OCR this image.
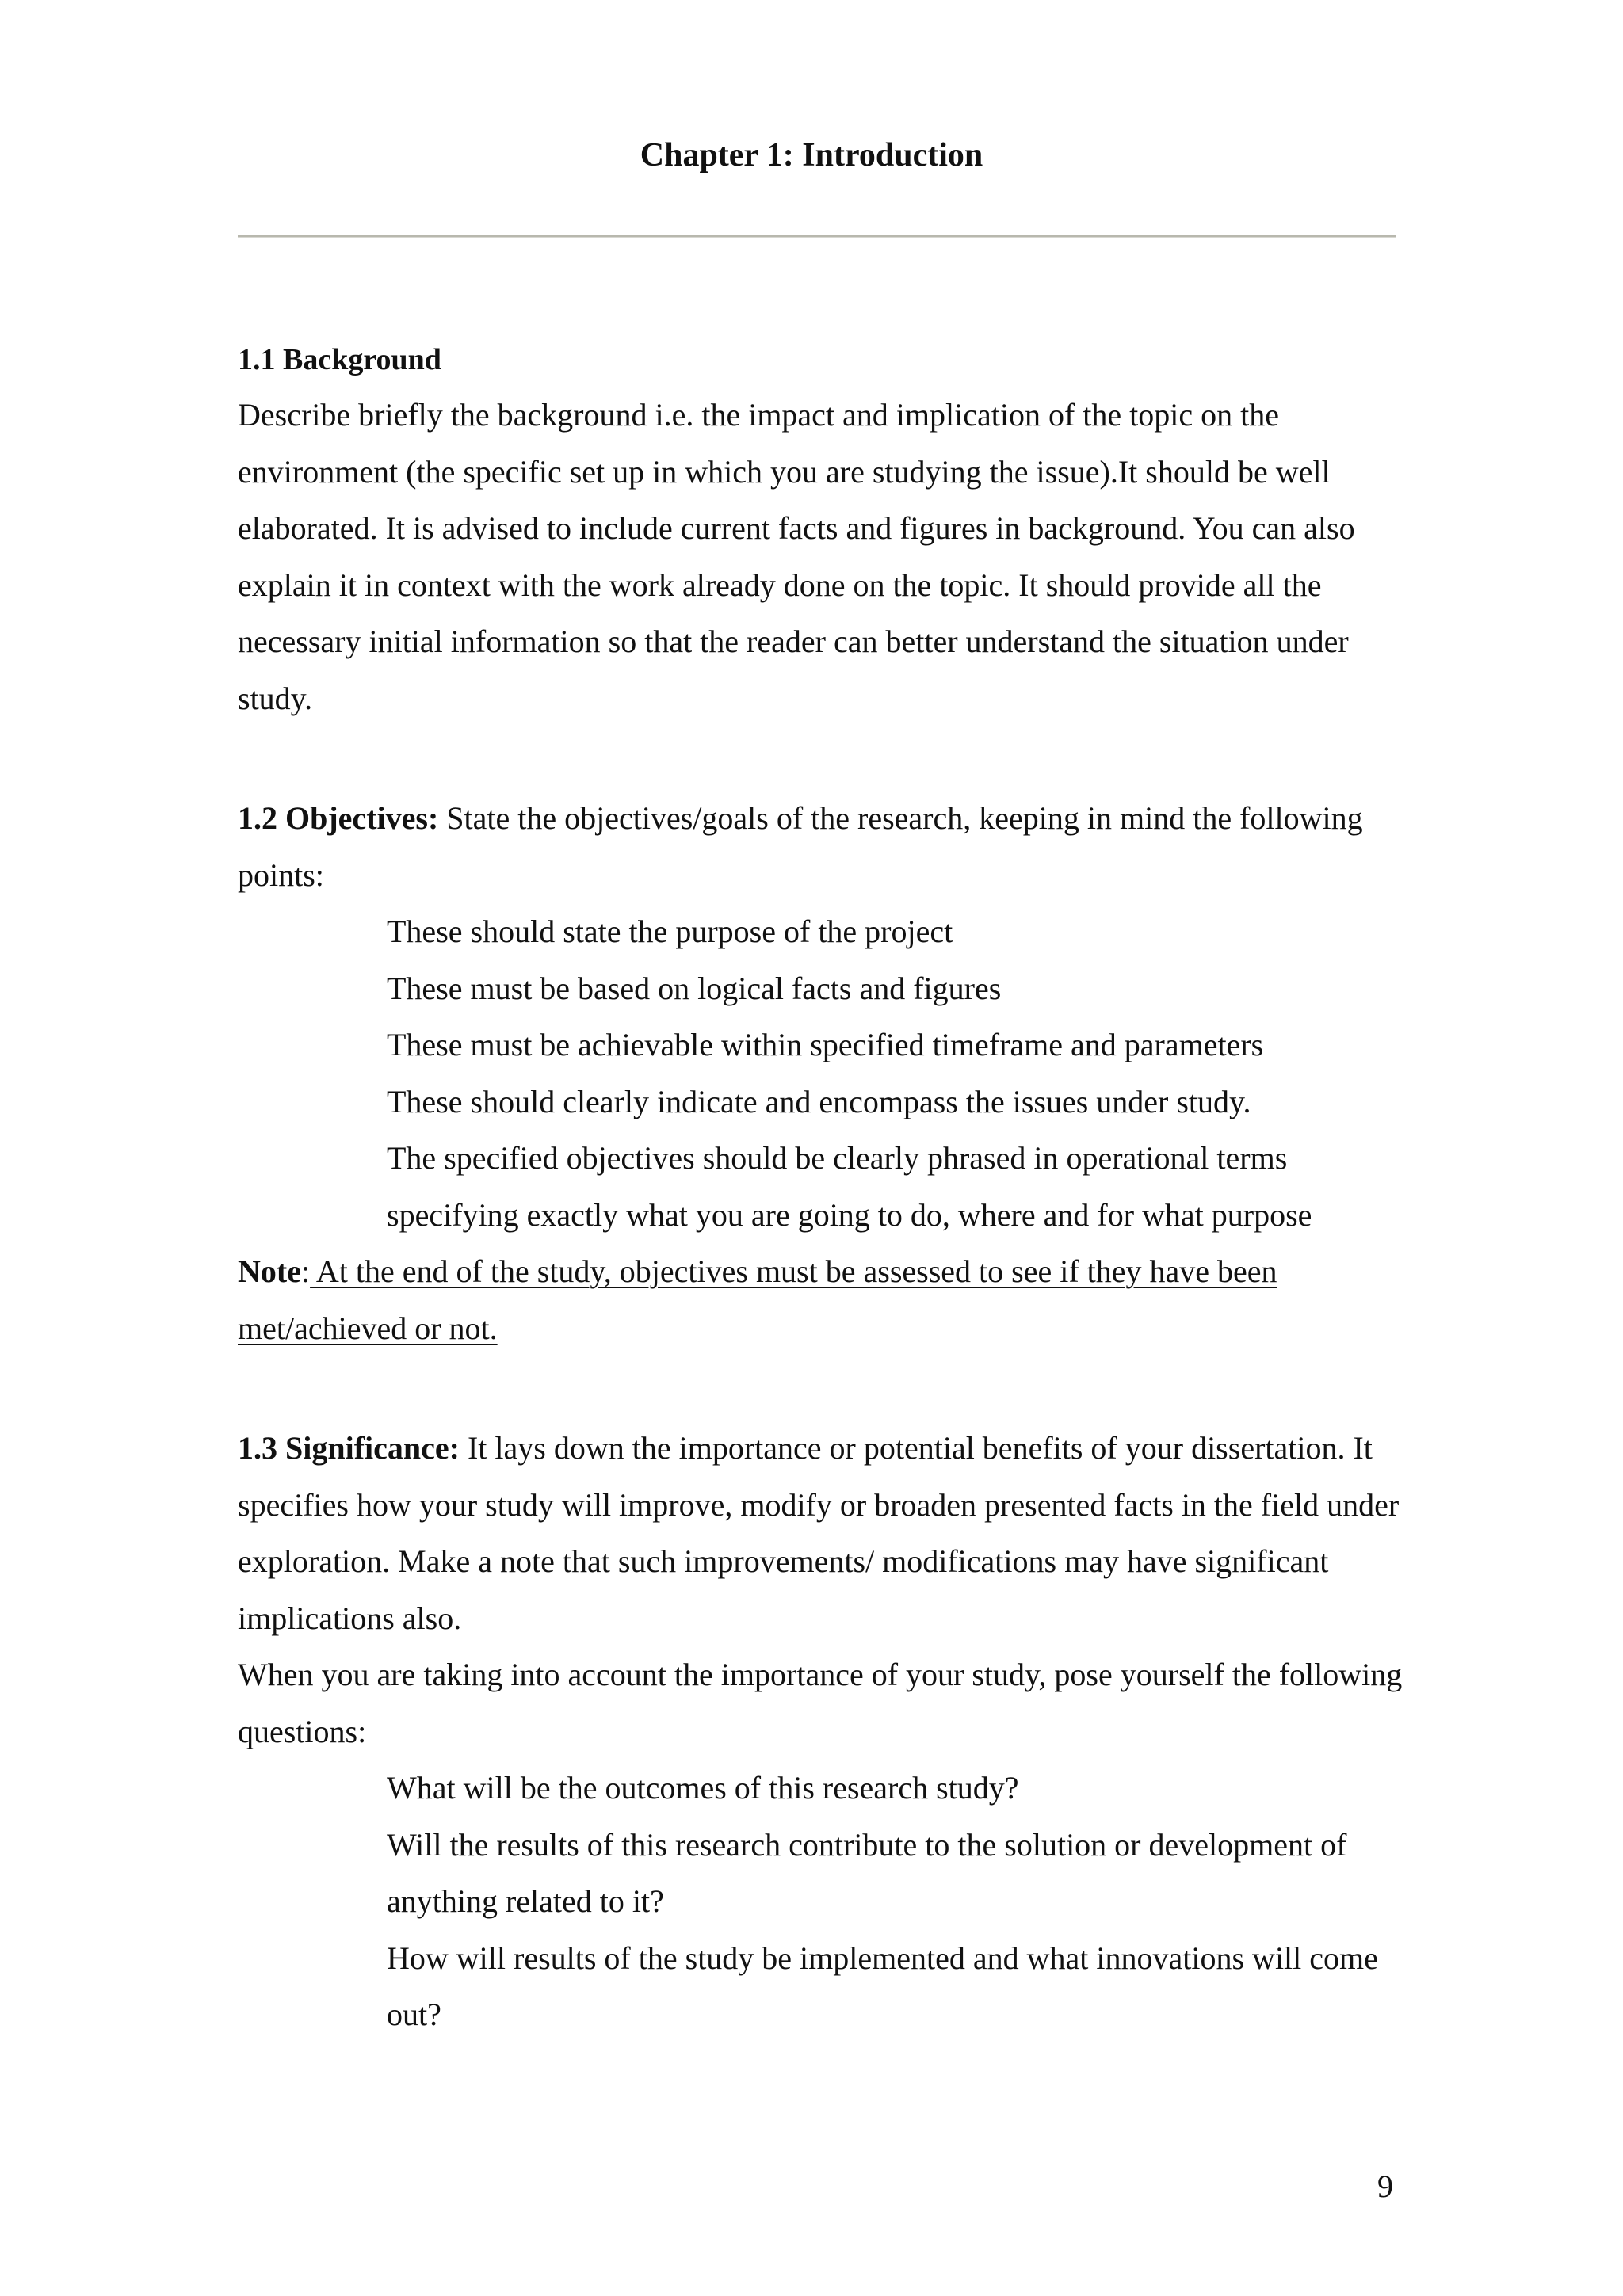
Chapter 1: Introduction

1.1 Background

Describe briefly the background i.e. the impact and implication of the topic on the environment (the specific set up in which you are studying the issue).It should be well elaborated. It is advised to include current facts and figures in background. You can also explain it in context with the work already done on the topic. It should provide all the necessary initial information so that the reader can better understand the situation under study.

1.2 Objectives: State the objectives/goals of the research, keeping in mind the following points:

These should state the purpose of the project
These must be based on logical facts and figures
These must be achievable within specified timeframe and parameters
These should clearly indicate and encompass the issues under study.
The specified objectives should be clearly phrased in operational terms specifying exactly what you are going to do, where and for what purpose

Note: At the end of the study, objectives must be assessed to see if they have been met/achieved or not.

1.3 Significance: It lays down the importance or potential benefits of your dissertation. It specifies how your study will improve, modify or broaden presented facts in the field under exploration. Make a note that such improvements/ modifications may have significant implications also.

When you are taking into account the importance of your study, pose yourself the following questions:

What will be the outcomes of this research study?
Will the results of this research contribute to the solution or development of anything related to it?
How will results of the study be implemented and what innovations will come out?
9
